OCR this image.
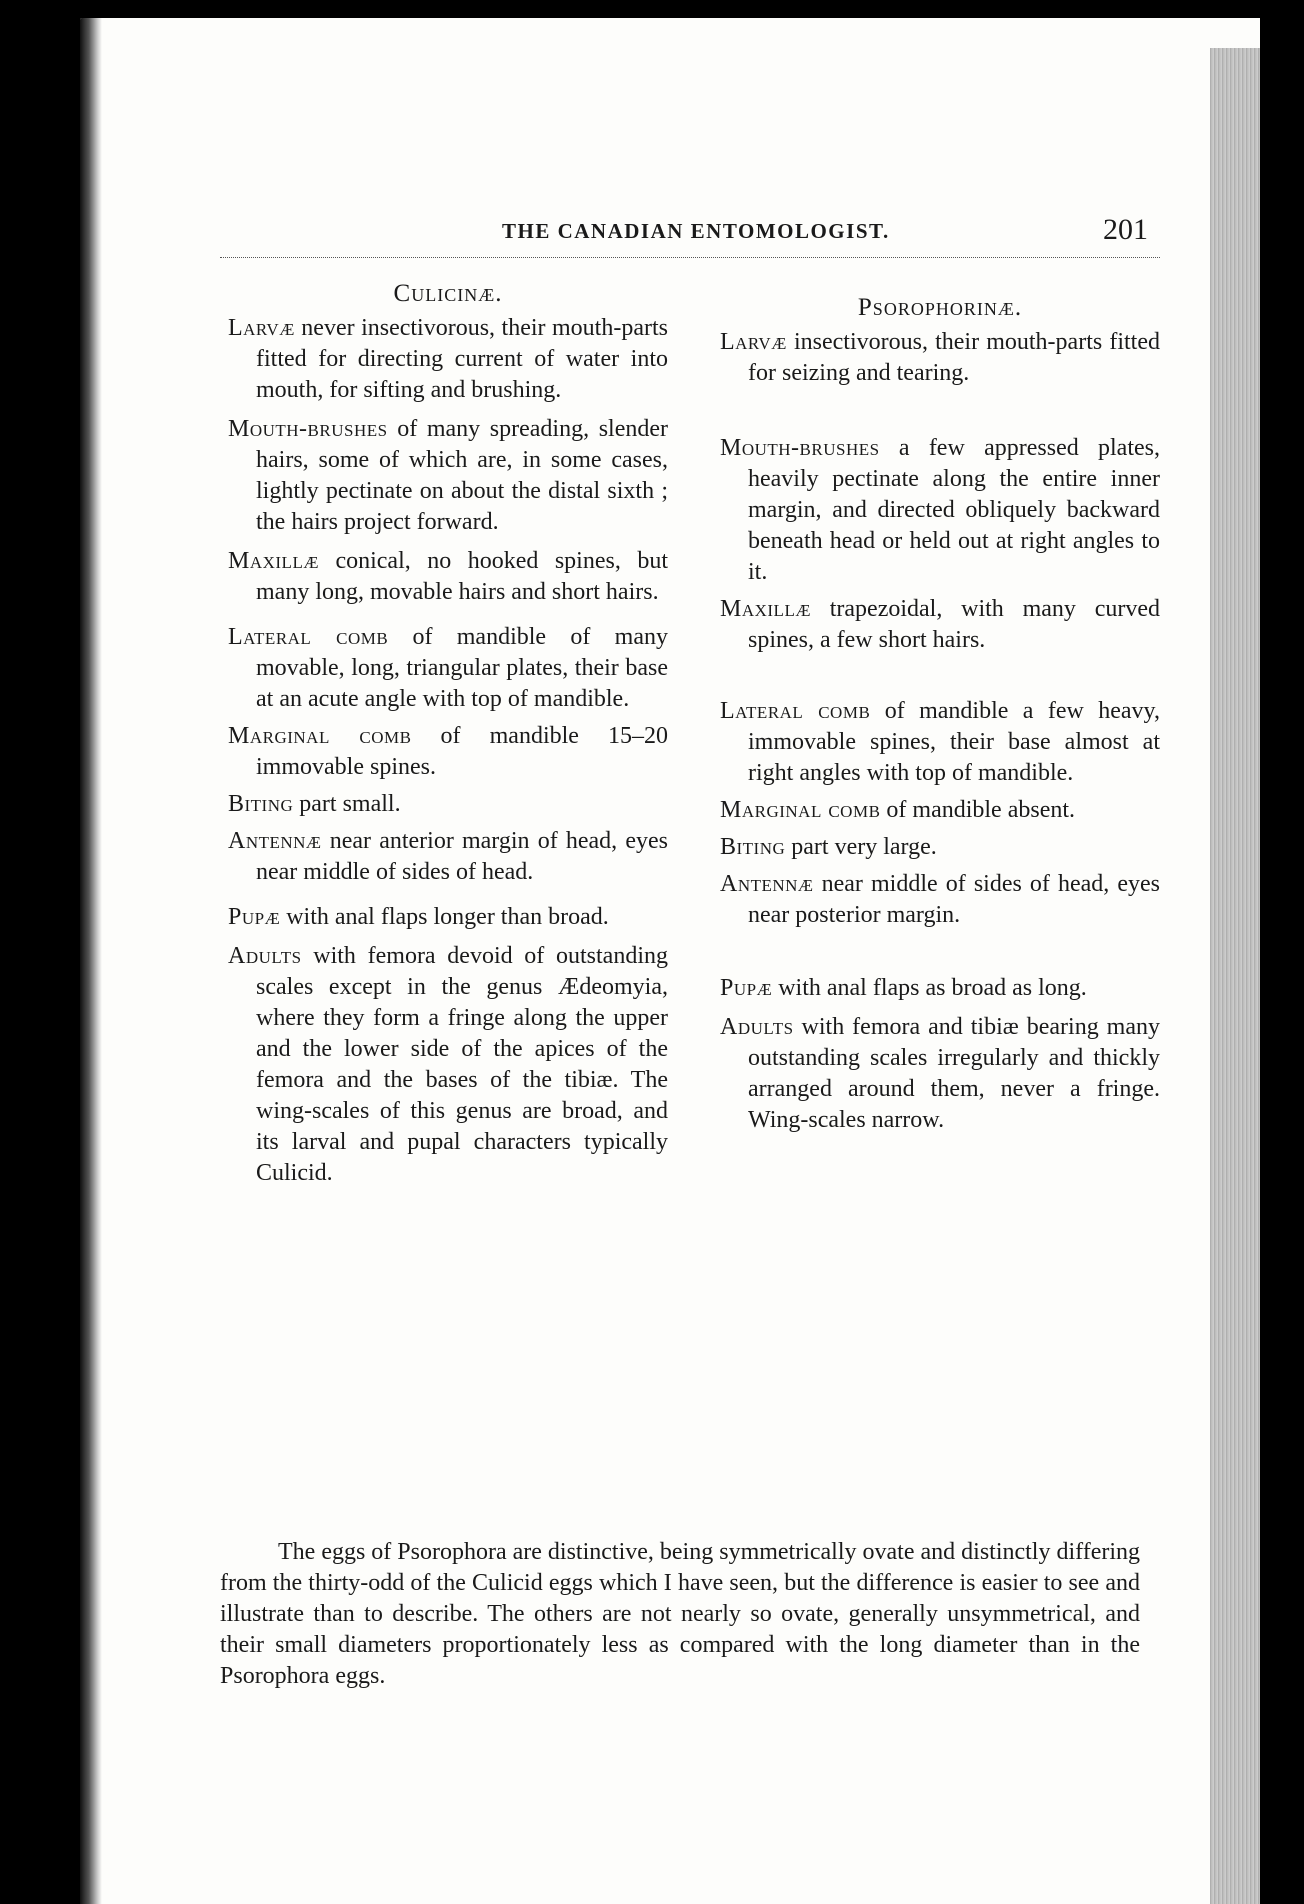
THE CANADIAN ENTOMOLOGIST.	201
Culicinæ.
Larvæ never insectivorous, their mouth-parts fitted for directing current of water into mouth, for sifting and brushing.
Mouth-brushes of many spreading, slender hairs, some of which are, in some cases, lightly pectinate on about the distal sixth ; the hairs project forward.
Maxillæ conical, no hooked spines, but many long, movable hairs and short hairs.
Lateral comb of mandible of many movable, long, triangular plates, their base at an acute angle with top of mandible.
Marginal comb of mandible 15–20 immovable spines.
Biting part small.
Antennæ near anterior margin of head, eyes near middle of sides of head.
Pupæ with anal flaps longer than broad.
Adults with femora devoid of outstanding scales except in the genus Ædeomyia, where they form a fringe along the upper and the lower side of the apices of the femora and the bases of the tibiæ. The wing-scales of this genus are broad, and its larval and pupal characters typically Culicid.
Psorophorinæ.
Larvæ insectivorous, their mouth-parts fitted for seizing and tearing.
Mouth-brushes a few appressed plates, heavily pectinate along the entire inner margin, and directed obliquely backward beneath head or held out at right angles to it.
Maxillæ trapezoidal, with many curved spines, a few short hairs.
Lateral comb of mandible a few heavy, immovable spines, their base almost at right angles with top of mandible.
Marginal comb of mandible absent.
Biting part very large.
Antennæ near middle of sides of head, eyes near posterior margin.
Pupæ with anal flaps as broad as long.
Adults with femora and tibiæ bearing many outstanding scales irregularly and thickly arranged around them, never a fringe. Wing-scales narrow.

The eggs of Psorophora are distinctive, being symmetrically ovate and distinctly differing from the thirty-odd of the Culicid eggs which I have seen, but the difference is easier to see and illustrate than to describe. The others are not nearly so ovate, generally unsymmetrical, and their small diameters proportionately less as compared with the long diameter than in the Psorophora eggs.
